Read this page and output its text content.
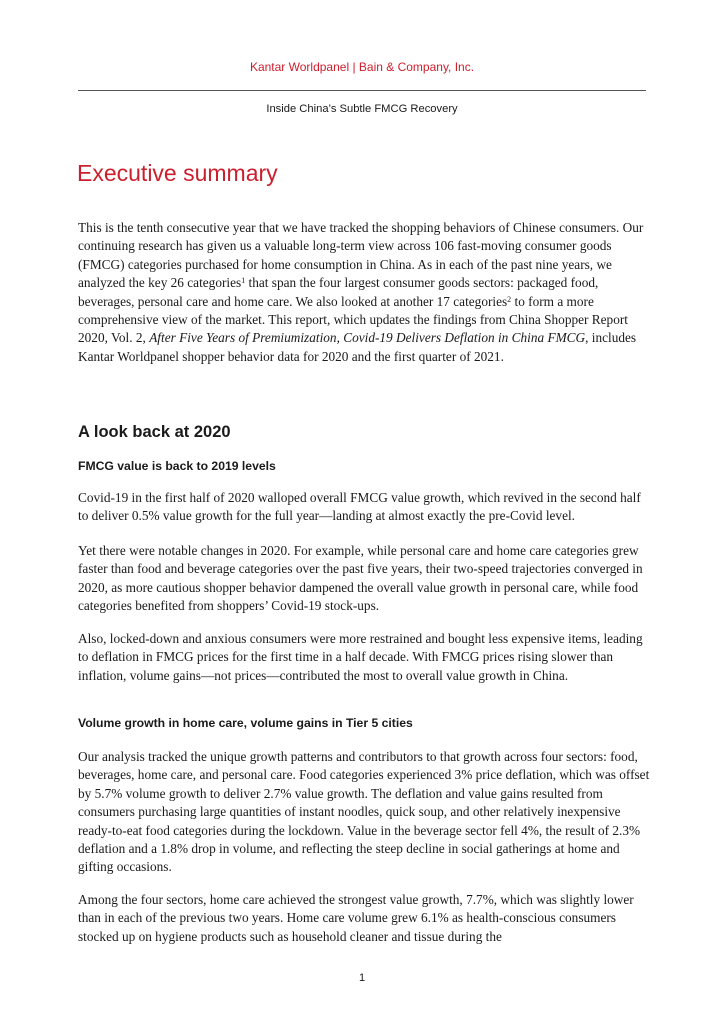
Kantar Worldpanel | Bain & Company, Inc.
Inside China’s Subtle FMCG Recovery
Executive summary

This is the tenth consecutive year that we have tracked the shopping behaviors of Chinese consumers. Our continuing research has given us a valuable long-term view across 106 fast-moving consumer goods (FMCG) categories purchased for home consumption in China. As in each of the past nine years, we analyzed the key 26 categories$^1$ that span the four largest consumer goods sectors: packaged food, beverages, personal care and home care. We also looked at another 17 categories$^2$ to form a more comprehensive view of the market. This report, which updates the findings from China Shopper Report 2020, Vol. 2, After Five Years of Premiumization, Covid-19 Delivers Deflation in China FMCG, includes Kantar Worldpanel shopper behavior data for 2020 and the first quarter of 2021.

A look back at 2020
FMCG value is back to 2019 levels

Covid-19 in the first half of 2020 walloped overall FMCG value growth, which revived in the second half to deliver 0.5% value growth for the full year—landing at almost exactly the pre-Covid level.

Yet there were notable changes in 2020. For example, while personal care and home care categories grew faster than food and beverage categories over the past five years, their two-speed trajectories converged in 2020, as more cautious shopper behavior dampened the overall value growth in personal care, while food categories benefited from shoppers’ Covid-19 stock-ups.

Also, locked-down and anxious consumers were more restrained and bought less expensive items, leading to deflation in FMCG prices for the first time in a half decade. With FMCG prices rising slower than inflation, volume gains—not prices—contributed the most to overall value growth in China.

Volume growth in home care, volume gains in Tier 5 cities

Our analysis tracked the unique growth patterns and contributors to that growth across four sectors: food, beverages, home care, and personal care. Food categories experienced 3% price deflation, which was offset by 5.7% volume growth to deliver 2.7% value growth. The deflation and value gains resulted from consumers purchasing large quantities of instant noodles, quick soup, and other relatively inexpensive ready-to-eat food categories during the lockdown. Value in the beverage sector fell 4%, the result of 2.3% deflation and a 1.8% drop in volume, and reflecting the steep decline in social gatherings at home and gifting occasions.

Among the four sectors, home care achieved the strongest value growth, 7.7%, which was slightly lower than in each of the previous two years. Home care volume grew 6.1% as health-conscious consumers stocked up on hygiene products such as household cleaner and tissue during the

1
